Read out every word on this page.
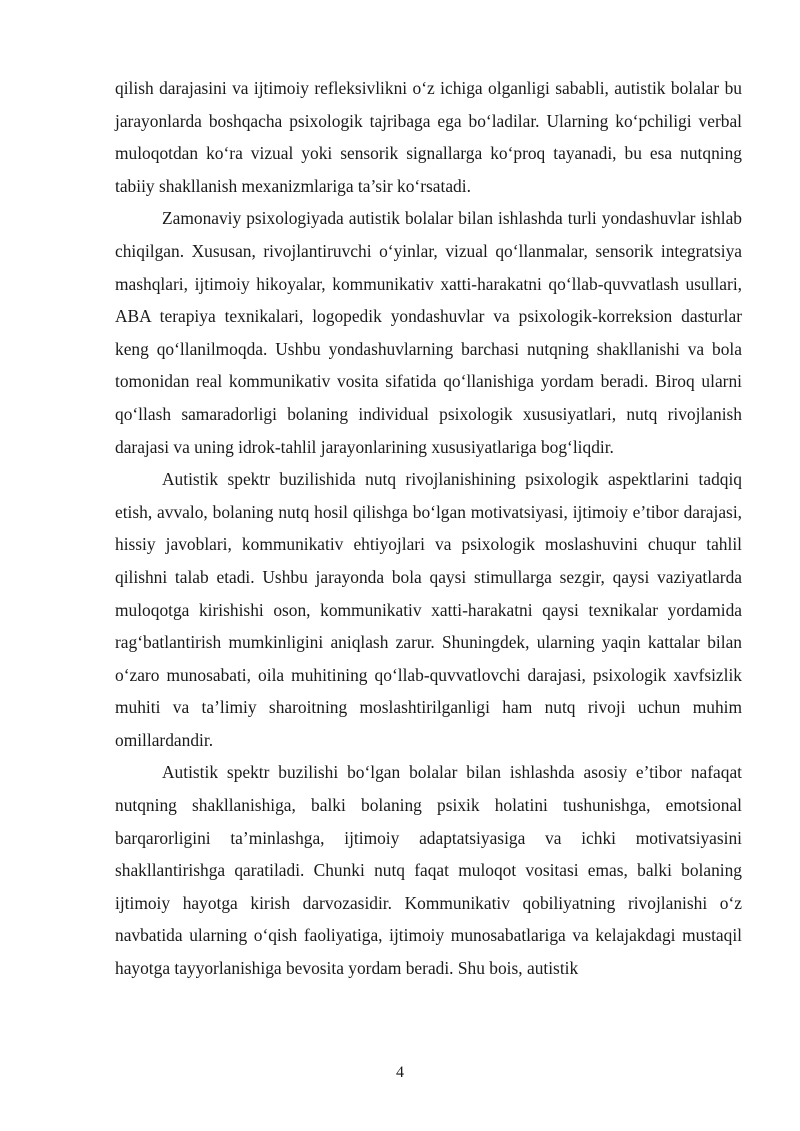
qilish darajasini va ijtimoiy refleksivlikni o‘z ichiga olganligi sababli, autistik bolalar bu jarayonlarda boshqacha psixologik tajribaga ega bo‘ladilar. Ularning ko‘pchiligi verbal muloqotdan ko‘ra vizual yoki sensorik signallarga ko‘proq tayanadi, bu esa nutqning tabiiy shakllanish mexanizmlariga ta’sir ko‘rsatadi.

Zamonaviy psixologiyada autistik bolalar bilan ishlashda turli yondashuvlar ishlab chiqilgan. Xususan, rivojlantiruvchi o‘yinlar, vizual qo‘llanmalar, sensorik integratsiya mashqlari, ijtimoiy hikoyalar, kommunikativ xatti-harakatni qo‘llab-quvvatlash usullari, ABA terapiya texnikalari, logopedik yondashuvlar va psixologik-korreksion dasturlar keng qo‘llanilmoqda. Ushbu yondashuvlarning barchasi nutqning shakllanishi va bola tomonidan real kommunikativ vosita sifatida qo‘llanishiga yordam beradi. Biroq ularni qo‘llash samaradorligi bolaning individual psixologik xususiyatlari, nutq rivojlanish darajasi va uning idrok-tahlil jarayonlarining xususiyatlariga bog‘liqdir.

Autistik spektr buzilishida nutq rivojlanishining psixologik aspektlarini tadqiq etish, avvalo, bolaning nutq hosil qilishga bo‘lgan motivatsiyasi, ijtimoiy e’tibor darajasi, hissiy javoblari, kommunikativ ehtiyojlari va psixologik moslashuvini chuqur tahlil qilishni talab etadi. Ushbu jarayonda bola qaysi stimullarga sezgir, qaysi vaziyatlarda muloqotga kirishishi oson, kommunikativ xatti-harakatni qaysi texnikalar yordamida rag‘batlantirish mumkinligini aniqlash zarur. Shuningdek, ularning yaqin kattalar bilan o‘zaro munosabati, oila muhitining qo‘llab-quvvatlovchi darajasi, psixologik xavfsizlik muhiti va ta’limiy sharoitning moslashtirilganligi ham nutq rivoji uchun muhim omillardandir.

Autistik spektr buzilishi bo‘lgan bolalar bilan ishlashda asosiy e’tibor nafaqat nutqning shakllanishiga, balki bolaning psixik holatini tushunishga, emotsional barqarorligini ta’minlashga, ijtimoiy adaptatsiyasiga va ichki motivatsiyasini shakllantirishga qaratiladi. Chunki nutq faqat muloqot vositasi emas, balki bolaning ijtimoiy hayotga kirish darvozasidir. Kommunikativ qobiliyatning rivojlanishi o‘z navbatida ularning o‘qish faoliyatiga, ijtimoiy munosabatlariga va kelajakdagi mustaqil hayotga tayyorlanishiga bevosita yordam beradi. Shu bois, autistik

4
